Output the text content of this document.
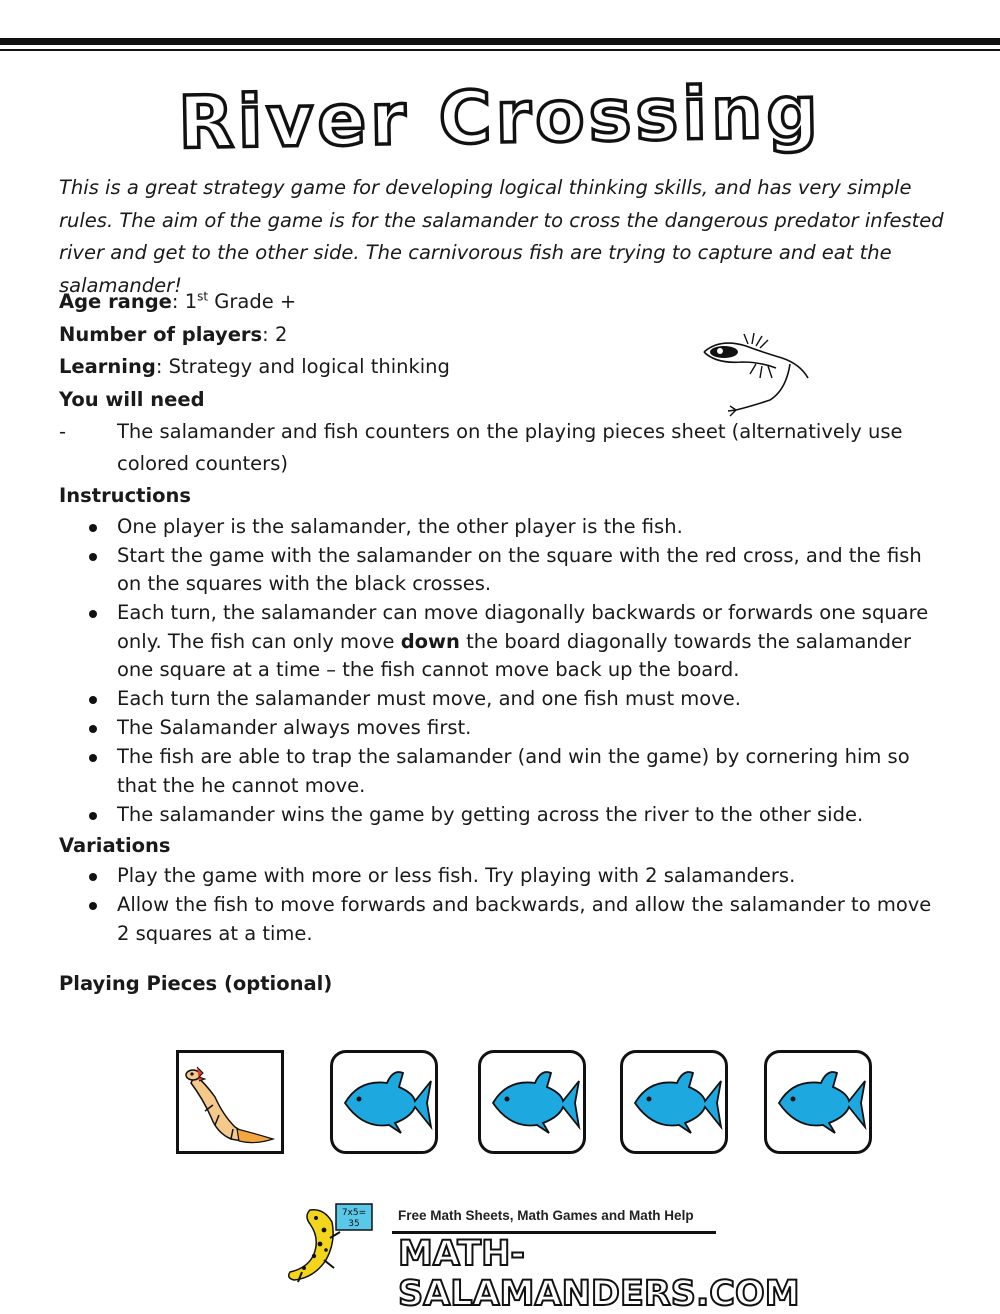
River Crossing

This is a great strategy game for developing logical thinking skills, and has very simple rules. The aim of the game is for the salamander to cross the dangerous predator infested river and get to the other side. The carnivorous fish are trying to capture and eat the salamander!

Age range: 1st Grade +
Number of players: 2
Learning: Strategy and logical thinking
You will need
-	The salamander and fish counters on the playing pieces sheet (alternatively use colored counters)
Instructions
One player is the salamander, the other player is the fish.
Start the game with the salamander on the square with the red cross, and the fish on the squares with the black crosses.
Each turn, the salamander can move diagonally backwards or forwards one square only. The fish can only move down the board diagonally towards the salamander one square at a time – the fish cannot move back up the board.
Each turn the salamander must move, and one fish must move.
The Salamander always moves first.
The fish are able to trap the salamander (and win the game) by cornering him so that the he cannot move.
The salamander wins the game by getting across the river to the other side.
Variations
Play the game with more or less fish. Try playing with 2 salamanders.
Allow the fish to move forwards and backwards, and allow the salamander to move 2 squares at a time.
Playing Pieces (optional)
7x5=
35
Free Math Sheets, Math Games and Math Help
MATH-SALAMANDERS.COM
